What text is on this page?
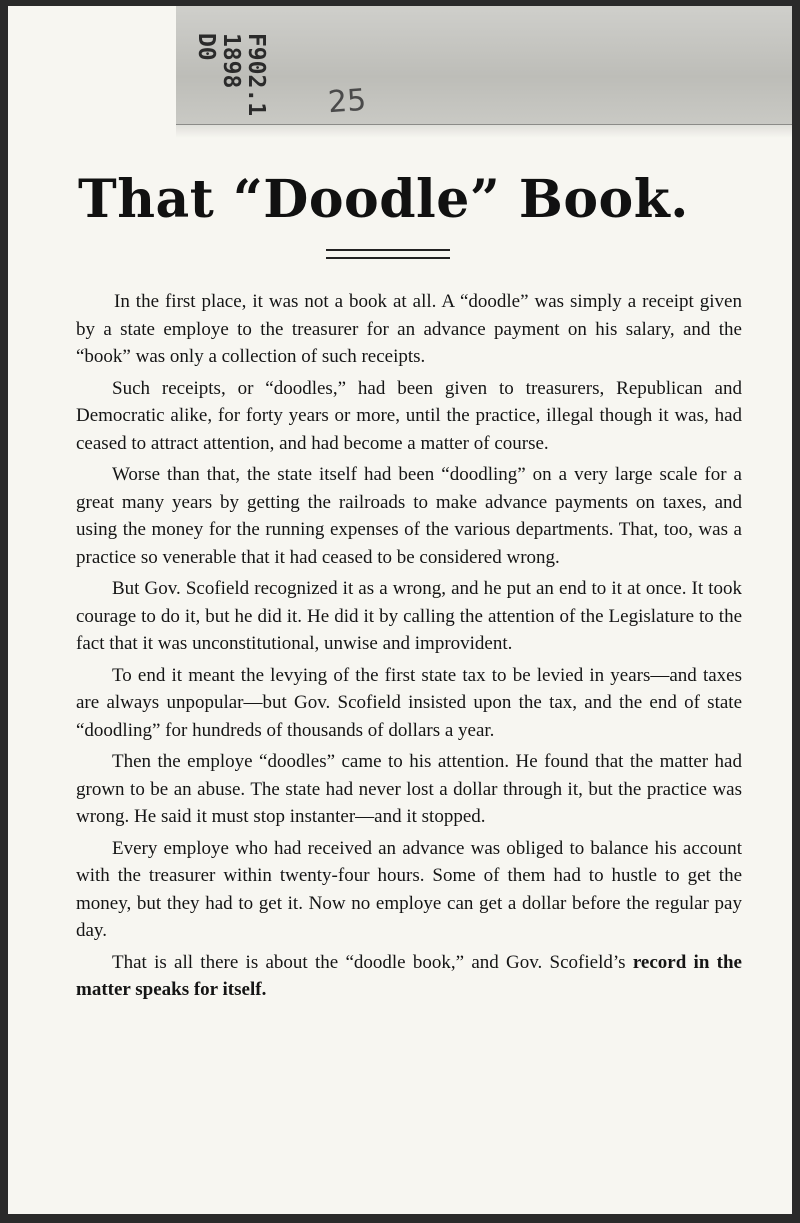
F902.1
1898
D0
25
That “Doodle” Book.

In the first place, it was not a book at all. A “doodle” was simply a receipt given by a state employe to the treasurer for an advance payment on his salary, and the “book” was only a collection of such receipts.

Such receipts, or “doodles,” had been given to treasurers, Republican and Democratic alike, for forty years or more, until the practice, illegal though it was, had ceased to attract attention, and had become a matter of course.

Worse than that, the state itself had been “doodling” on a very large scale for a great many years by getting the railroads to make advance payments on taxes, and using the money for the running expenses of the various departments. That, too, was a practice so venerable that it had ceased to be considered wrong.

But Gov. Scofield recognized it as a wrong, and he put an end to it at once. It took courage to do it, but he did it. He did it by calling the attention of the Legislature to the fact that it was unconstitutional, unwise and improvident.

To end it meant the levying of the first state tax to be levied in years—and taxes are always unpopular—but Gov. Scofield insisted upon the tax, and the end of state “doodling” for hundreds of thousands of dollars a year.

Then the employe “doodles” came to his attention. He found that the matter had grown to be an abuse. The state had never lost a dollar through it, but the practice was wrong. He said it must stop instanter—and it stopped.

Every employe who had received an advance was obliged to balance his account with the treasurer within twenty-four hours. Some of them had to hustle to get the money, but they had to get it. Now no employe can get a dollar before the regular pay day.

That is all there is about the “doodle book,” and Gov. Scofield’s record in the matter speaks for itself.
